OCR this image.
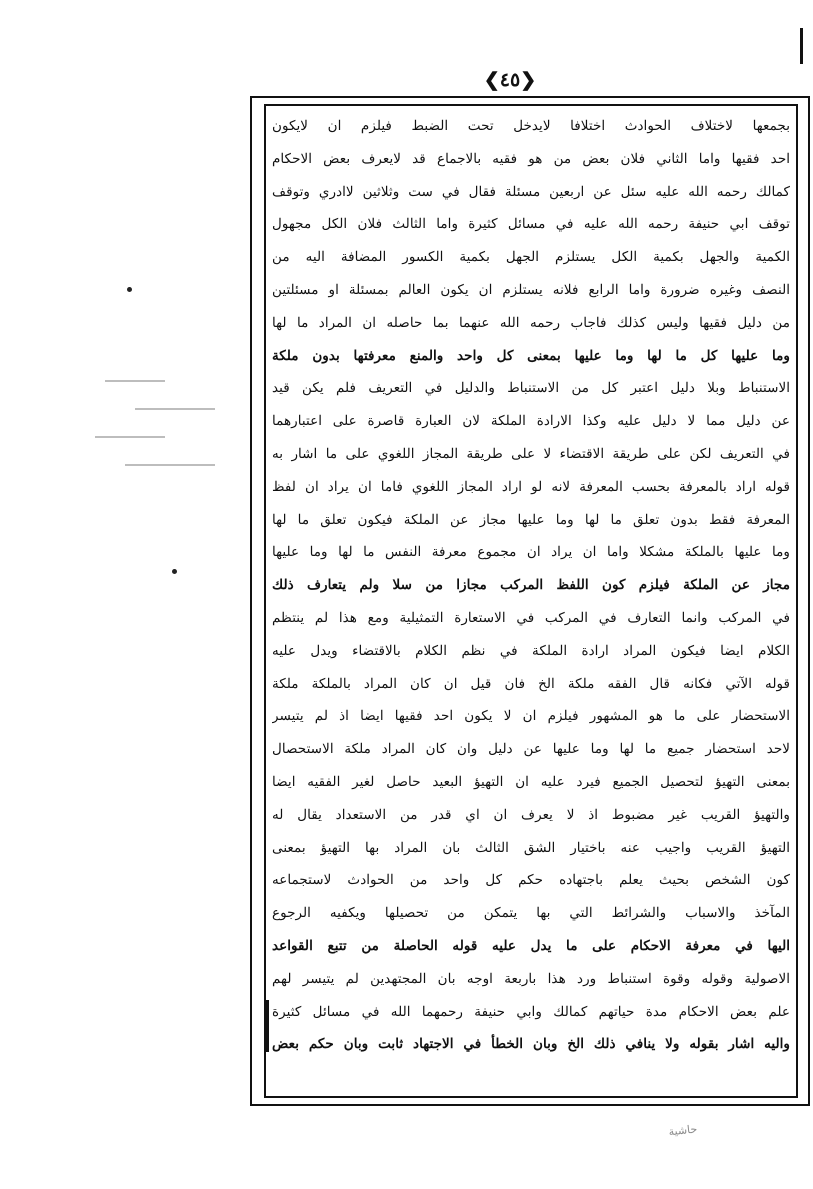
❮٤٥❯
بجمعها لاختلاف الحوادث اختلافا لايدخل تحت الضبط فيلزم ان لايكون
احد فقيها واما الثاني فلان بعض من هو فقيه بالاجماع قد لايعرف بعض الاحكام
كمالك رحمه الله عليه سئل عن اربعين مسئلة فقال في ست وثلاثين لاادري وتوقف
توقف ابي حنيفة رحمه الله عليه في مسائل كثيرة واما الثالث فلان الكل مجهول
الكمية والجهل بكمية الكل يستلزم الجهل بكمية الكسور المضافة اليه من
النصف وغيره ضرورة واما الرابع فلانه يستلزم ان يكون العالم بمسئلة او مسئلتين
من دليل فقيها وليس كذلك فاجاب رحمه الله عنهما بما حاصله ان المراد ما لها
وما عليها كل ما لها وما عليها بمعنى كل واحد والمنع معرفتها بدون ملكة
الاستنباط وبلا دليل اعتبر كل من الاستنباط والدليل في التعريف فلم يكن قيد
عن دليل مما لا دليل عليه وكذا الارادة الملكة لان العبارة قاصرة على اعتبارهما
في التعريف لكن على طريقة الاقتضاء لا على طريقة المجاز اللغوي على ما اشار به
قوله اراد بالمعرفة بحسب المعرفة لانه لو اراد المجاز اللغوي فاما ان يراد ان لفظ
المعرفة فقط بدون تعلق ما لها وما عليها مجاز عن الملكة فيكون تعلق ما لها
وما عليها بالملكة مشكلا واما ان يراد ان مجموع معرفة النفس ما لها وما عليها
مجاز عن الملكة فيلزم كون اللفظ المركب مجازا من سلا ولم يتعارف ذلك
في المركب وانما التعارف في المركب في الاستعارة التمثيلية ومع هذا لم ينتظم
الكلام ايضا فيكون المراد ارادة الملكة في نظم الكلام بالاقتضاء ويدل عليه
قوله الآتي فكانه قال الفقه ملكة الخ فان قيل ان كان المراد بالملكة ملكة
الاستحضار على ما هو المشهور فيلزم ان لا يكون احد فقيها ايضا اذ لم يتيسر
لاحد استحضار جميع ما لها وما عليها عن دليل وان كان المراد ملكة الاستحصال
بمعنى التهيؤ لتحصيل الجميع فيرد عليه ان التهيؤ البعيد حاصل لغير الفقيه ايضا
والتهيؤ القريب غير مضبوط اذ لا يعرف ان اي قدر من الاستعداد يقال له
التهيؤ القريب واجيب عنه باختيار الشق الثالث بان المراد بها التهيؤ بمعنى
كون الشخص بحيث يعلم باجتهاده حكم كل واحد من الحوادث لاستجماعه
المآخذ والاسباب والشرائط التي بها يتمكن من تحصيلها ويكفيه الرجوع
اليها في معرفة الاحكام على ما يدل عليه قوله الحاصلة من تتبع القواعد
الاصولية وقوله وقوة استنباط ورد هذا باربعة اوجه بان المجتهدين لم يتيسر لهم
علم بعض الاحكام مدة حياتهم كمالك وابي حنيفة رحمهما الله في مسائل كثيرة
واليه اشار بقوله ولا ينافي ذلك الخ وبان الخطأ في الاجتهاد ثابت وبان حكم بعض
حاشية
